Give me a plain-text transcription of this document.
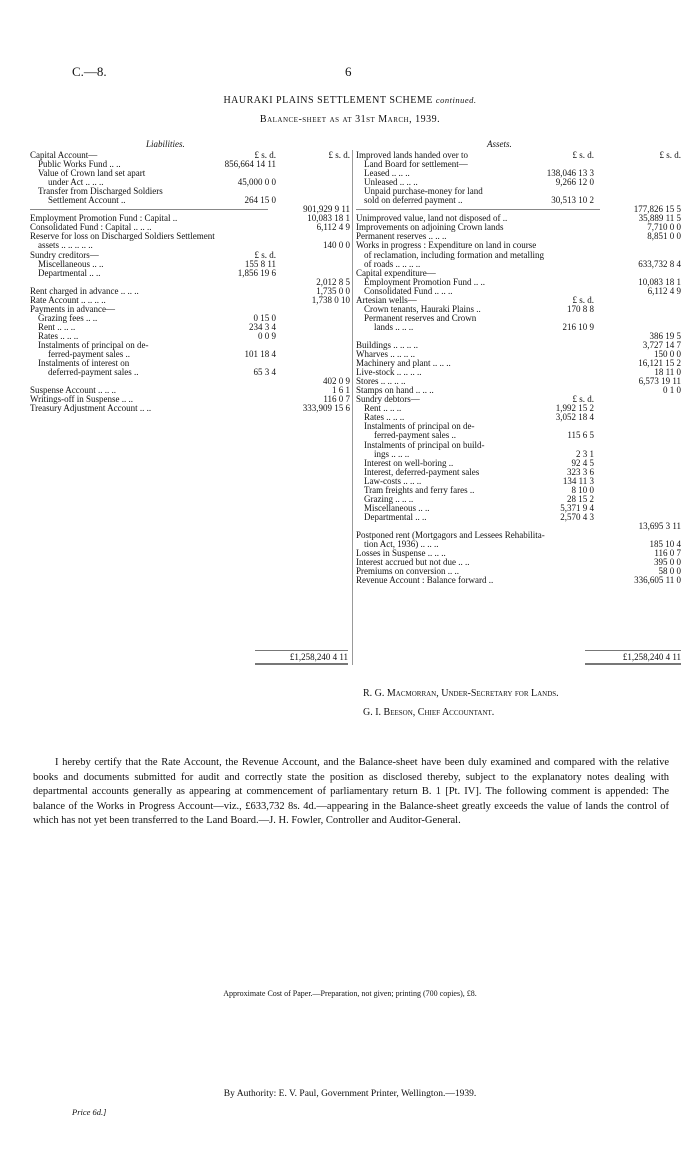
C.—8.	6
HAURAKI PLAINS SETTLEMENT SCHEME continued.
Balance-sheet as at 31st March, 1939.
Liabilities.	Assets.
Capital Account—	£ s. d.	£ s. d.
Public Works Fund .. ..	856,664 14 11
Value of Crown land set apart
under Act .. .. ..	45,000 0 0
Transfer from Discharged Soldiers
Settlement Account ..	264 15 0
901,929 9 11
Employment Promotion Fund : Capital ..	10,083 18 1
Consolidated Fund : Capital .. .. ..	6,112 4 9
Reserve for loss on Discharged Soldiers Settlement
assets .. .. .. .. ..	140 0 0
Sundry creditors—	£ s. d.
Miscellaneous .. ..	155 8 11
Departmental .. ..	1,856 19 6
2,012 8 5
Rent charged in advance .. .. ..	1,735 0 0
Rate Account .. .. .. ..	1,738 0 10
Payments in advance—
Grazing fees .. ..	0 15 0
Rent .. .. ..	234 3 4
Rates .. .. ..	0 0 9
Instalments of principal on de-
ferred-payment sales ..	101 18 4
Instalments of interest on
deferred-payment sales ..	65 3 4
402 0 9
Suspense Account .. .. ..	1 6 1
Writings-off in Suspense .. ..	116 0 7
Treasury Adjustment Account .. ..	333,909 15 6
Improved lands handed over to	£ s. d.	£ s. d.
Land Board for settlement—
Leased .. .. ..	138,046 13 3
Unleased .. .. ..	9,266 12 0
Unpaid purchase-money for land
sold on deferred payment ..	30,513 10 2
177,826 15 5
Unimproved value, land not disposed of ..	35,889 11 5
Improvements on adjoining Crown lands	7,710 0 0
Permanent reserves .. .. ..	8,851 0 0
Works in progress : Expenditure on land in course
of reclamation, including formation and metalling
of roads .. .. .. ..	633,732 8 4
Capital expenditure—
Employment Promotion Fund .. ..	10,083 18 1
Consolidated Fund .. .. ..	6,112 4 9
Artesian wells—	£ s. d.
Crown tenants, Hauraki Plains ..	170 8 8
Permanent reserves and Crown
lands .. .. ..	216 10 9
386 19 5
Buildings .. .. .. ..	3,727 14 7
Wharves .. .. .. ..	150 0 0
Machinery and plant .. .. ..	16,121 15 2
Live-stock .. .. .. ..	18 11 0
Stores .. .. .. ..	6,573 19 11
Stamps on hand .. .. ..	0 1 0
Sundry debtors—	£ s. d.
Rent .. .. ..	1,992 15 2
Rates .. .. ..	3,052 18 4
Instalments of principal on de-
ferred-payment sales ..	115 6 5
Instalments of principal on build-
ings .. .. ..	2 3 1
Interest on well-boring ..	92 4 5
Interest, deferred-payment sales	323 3 6
Law-costs .. .. ..	134 11 3
Tram freights and ferry fares ..	8 10 0
Grazing .. .. ..	28 15 2
Miscellaneous .. ..	5,371 9 4
Departmental .. ..	2,570 4 3
13,695 3 11
Postponed rent (Mortgagors and Lessees Rehabilita-
tion Act, 1936) .. .. ..	185 10 4
Losses in Suspense .. .. ..	116 0 7
Interest accrued but not due .. ..	395 0 0
Premiums on conversion .. ..	58 0 0
Revenue Account : Balance forward ..	336,605 11 0
£1,258,240 4 11	£1,258,240 4 11
R. G. Macmorran, Under-Secretary for Lands.
G. I. Beeson, Chief Accountant.
I hereby certify that the Rate Account, the Revenue Account, and the Balance-sheet have been duly examined and compared with the relative books and documents submitted for audit and correctly state the position as disclosed thereby, subject to the explanatory notes dealing with departmental accounts generally as appearing at commencement of parliamentary return B. 1 [Pt. IV]. The following comment is appended: The balance of the Works in Progress Account—viz., £633,732 8s. 4d.—appearing in the Balance-sheet greatly exceeds the value of lands the control of which has not yet been transferred to the Land Board.—J. H. Fowler, Controller and Auditor-General.
Approximate Cost of Paper.—Preparation, not given; printing (700 copies), £8.
By Authority: E. V. Paul, Government Printer, Wellington.—1939.
Price 6d.]
